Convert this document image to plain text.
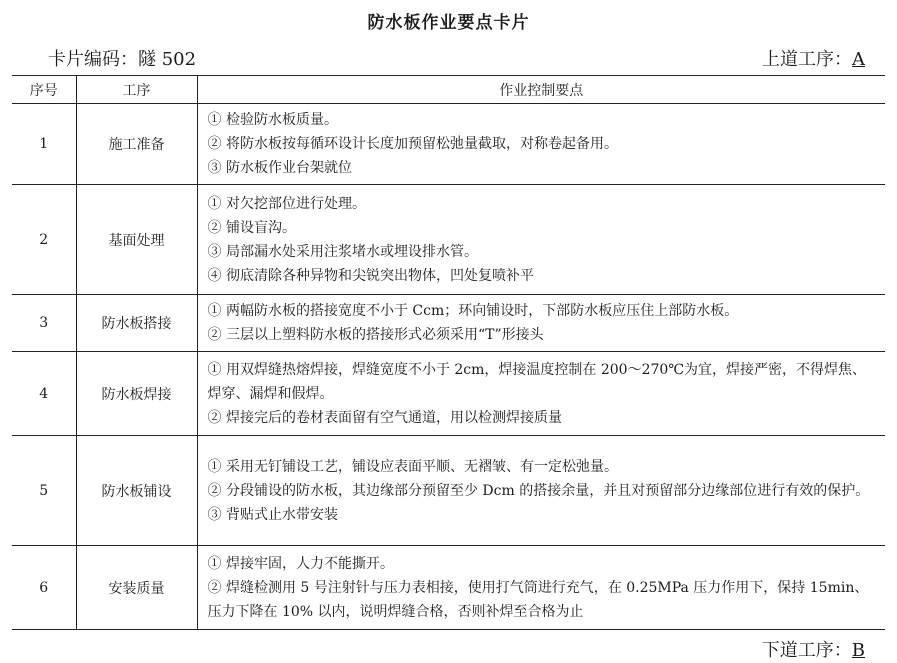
防水板作业要点卡片
卡片编码：隧 502	上道工序：A
序号	工序	作业控制要点
1	施工准备	① 检验防水板质量。
② 将防水板按每循环设计长度加预留松弛量截取，对称卷起备用。
③ 防水板作业台架就位

2	基面处理	① 对欠挖部位进行处理。
② 铺设盲沟。
③ 局部漏水处采用注浆堵水或埋设排水管。
④ 彻底清除各种异物和尖锐突出物体，凹处复喷补平

3	防水板搭接	① 两幅防水板的搭接宽度不小于 Ccm；环向铺设时，下部防水板应压住上部防水板。
② 三层以上塑料防水板的搭接形式必须采用“T”形接头

4	防水板焊接	① 用双焊缝热熔焊接，焊缝宽度不小于 2cm，焊接温度控制在 200～270℃为宜，焊接严密，不得焊焦、焊穿、漏焊和假焊。
② 焊接完后的卷材表面留有空气通道，用以检测焊接质量

5	防水板铺设	① 采用无钉铺设工艺，铺设应表面平顺、无褶皱、有一定松弛量。
② 分段铺设的防水板，其边缘部分预留至少 Dcm 的搭接余量，并且对预留部分边缘部位进行有效的保护。
③ 背贴式止水带安装

6	安装质量	① 焊接牢固，人力不能撕开。
② 焊缝检测用 5 号注射针与压力表相接，使用打气筒进行充气，在 0.25MPa 压力作用下，保持 15min、压力下降在 10% 以内，说明焊缝合格，否则补焊至合格为止
下道工序：B
